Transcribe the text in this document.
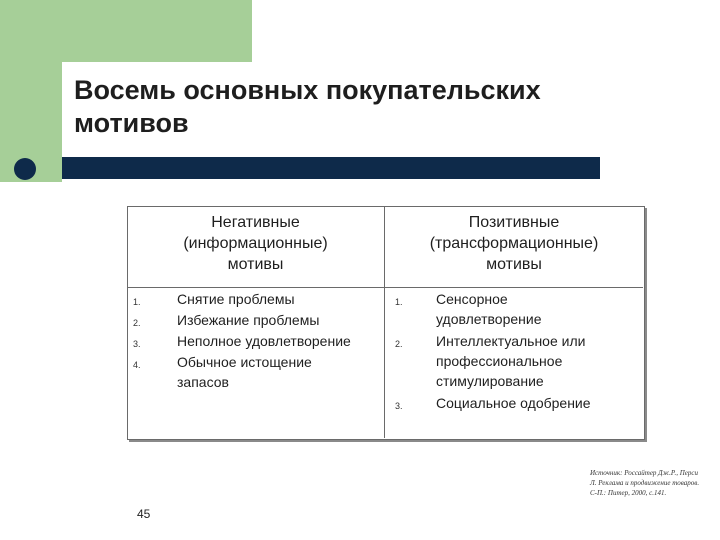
Восемь основных покупательских мотивов
Негативные
(информационные)
мотивы
Позитивные
(трансформационные)
мотивы
1.	Снятие проблемы
2.	Избежание проблемы
3.	Неполное удовлетворение
4.	Обычное истощение запасов
1. Сенсорное удовлетворение
2. Интеллектуальное или профессиональное стимулирование
3. Социальное одобрение
45
Источник: Россайтер Дж.Р., Перси Л. Реклама и продвижение товаров. С-П.: Питер, 2000, с.141.
